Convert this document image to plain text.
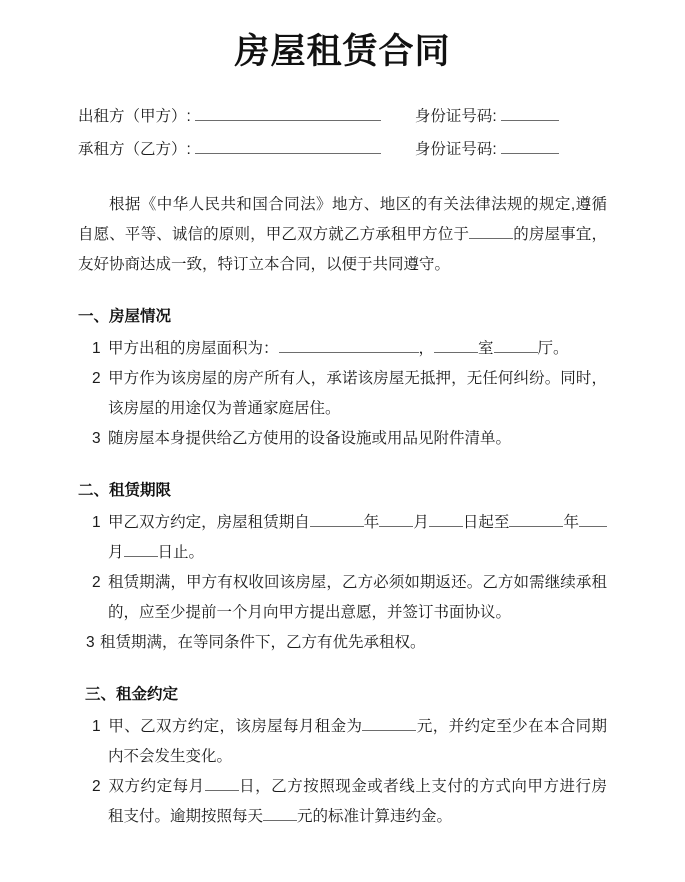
房屋租赁合同
出租方（甲方）:	身份证号码:
承租方（乙方）:	身份证号码:

根据《中华人民共和国合同法》地方、地区的有关法律法规的规定,遵循自愿、平等、诚信的原则，甲乙双方就乙方承租甲方位于	的房屋事宜，友好协商达成一致，特订立本合同，以便于共同遵守。

一、房屋情况

1 甲方出租的房屋面积为：	，	室	厅。

2 甲方作为该房屋的房产所有人，承诺该房屋无抵押，无任何纠纷。同时，该房屋的用途仅为普通家庭居住。

3 随房屋本身提供给乙方使用的设备设施或用品见附件清单。

二、租赁期限

1 甲乙双方约定，房屋租赁期自	年 月 日起至	年月 日止。

2 租赁期满，甲方有权收回该房屋，乙方必须如期返还。乙方如需继续承租的，应至少提前一个月向甲方提出意愿，并签订书面协议。

3 租赁期满，在等同条件下，乙方有优先承租权。

三、租金约定

1 甲、乙双方约定，该房屋每月租金为	元，并约定至少在本合同期内不会发生变化。

2 双方约定每月 日，乙方按照现金或者线上支付的方式向甲方进行房租支付。逾期按照每天 元的标准计算违约金。
